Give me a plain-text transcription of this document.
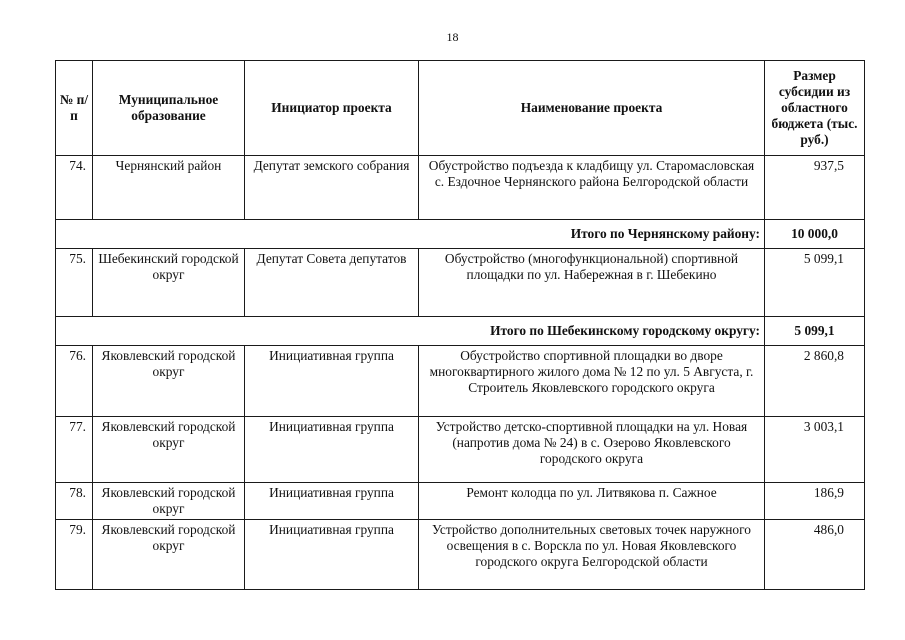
18
№ п/п	Муниципальное образование	Инициатор проекта	Наименование проекта	Размер субсидии из областного бюджета (тыс. руб.)
74.	Чернянский район	Депутат земского собрания	Обустройство подъезда к кладбищу ул. Старомасловская с. Ездочное Чернянского района Белгородской области	937,5
Итого по Чернянскому району:				10 000,0
75.	Шебекинский городской округ	Депутат Совета депутатов	Обустройство (многофункциональной) спортивной площадки по ул. Набережная в г. Шебекино	5 099,1
Итого по Шебекинскому городскому округу:				5 099,1
76.	Яковлевский городской округ	Инициативная группа	Обустройство спортивной площадки во дворе многоквартирного жилого дома № 12 по ул. 5 Августа, г. Строитель Яковлевского городского округа	2 860,8
77.	Яковлевский городской округ	Инициативная группа	Устройство детско-спортивной площадки на ул. Новая (напротив дома № 24) в с. Озерово Яковлевского городского округа	3 003,1
78.	Яковлевский городской округ	Инициативная группа	Ремонт колодца по ул. Литвякова п. Сажное	186,9
79.	Яковлевский городской округ	Инициативная группа	Устройство дополнительных световых точек наружного освещения в с. Ворскла по ул. Новая Яковлевского городского округа Белгородской области	486,0
